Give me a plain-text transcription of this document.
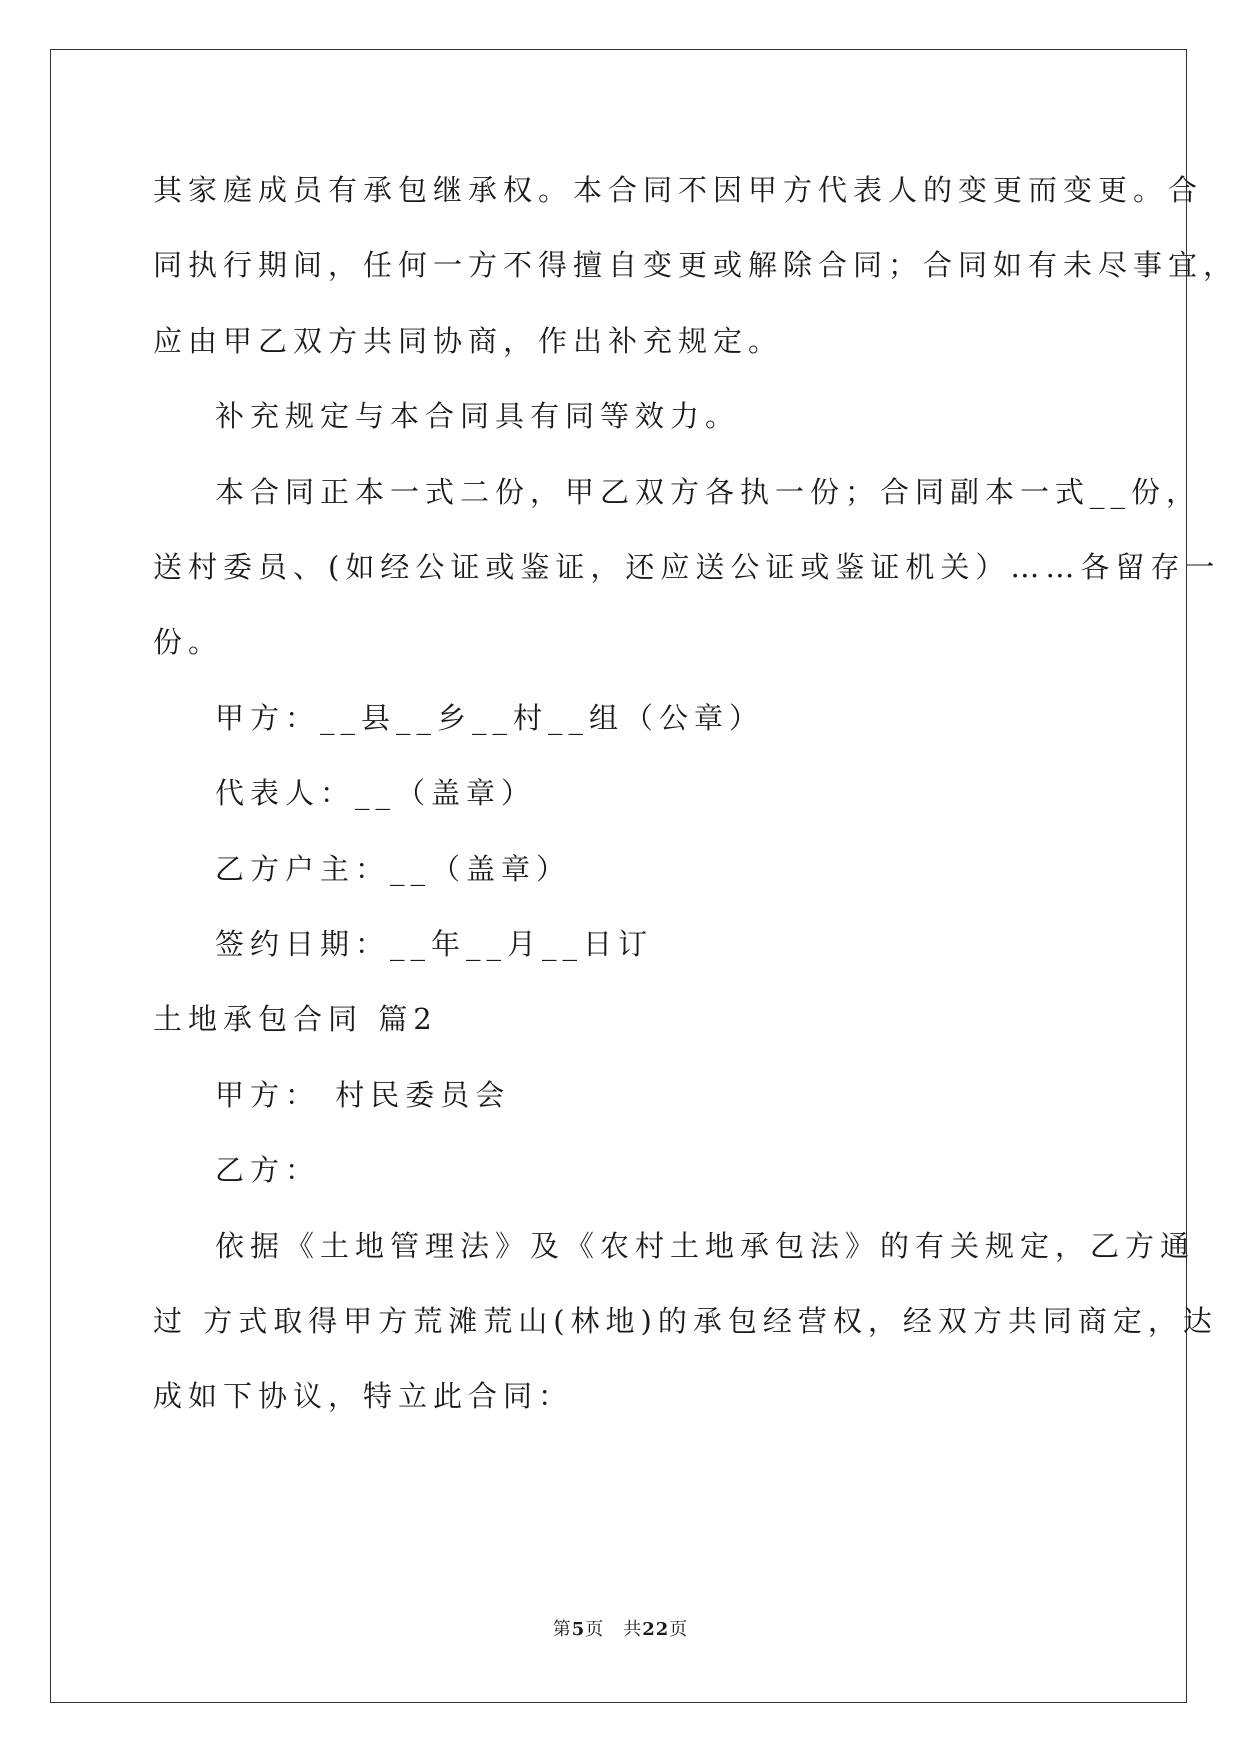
其家庭成员有承包继承权。本合同不因甲方代表人的变更而变更。合
同执行期间，任何一方不得擅自变更或解除合同；合同如有未尽事宜，
应由甲乙双方共同协商，作出补充规定。
补充规定与本合同具有同等效力。
本合同正本一式二份，甲乙双方各执一份；合同副本一式__份，
送村委员、(如经公证或鉴证，还应送公证或鉴证机关）……各留存一
份。
甲方：__县__乡__村__组（公章）
代表人：__（盖章）
乙方户主：__（盖章）
签约日期：__年__月__日订
土地承包合同 篇2
甲方： 村民委员会
乙方：
依据《土地管理法》及《农村土地承包法》的有关规定，乙方通
过 方式取得甲方荒滩荒山(林地)的承包经营权，经双方共同商定，达
成如下协议，特立此合同：
第5页　共22页
